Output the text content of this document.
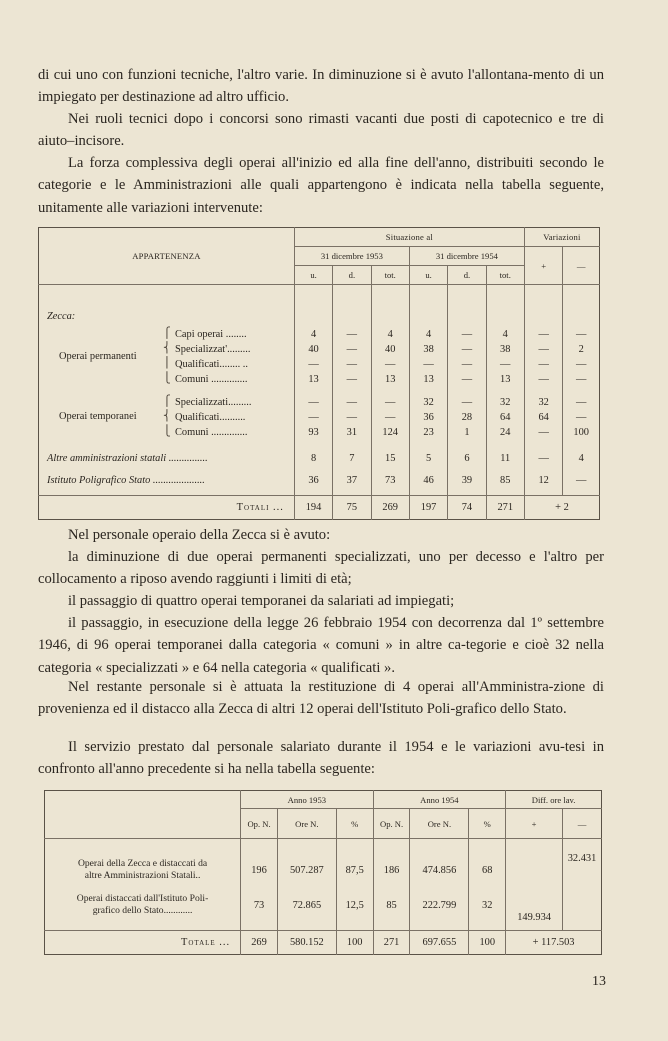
di cui uno con funzioni tecniche, l'altro varie. In diminuzione si è avuto l'allontana-mento di un impiegato per destinazione ad altro ufficio.

Nei ruoli tecnici dopo i concorsi sono rimasti vacanti due posti di capotecnico e tre di aiuto–incisore.

La forza complessiva degli operai all'inizio ed alla fine dell'anno, distribuiti secondo le categorie e le Amministrazioni alle quali appartengono è indicata nella tabella seguente, unitamente alle variazioni intervenute:

APPARTENENZA	Situazione al						Variazioni	
	31 dicembre 1953			31 dicembre 1954			+	—
	u.	d.	tot.	u.	d.	tot.		

Zecca:								

Operai permanenti
⎧ Capi operai ........	4	—	4	4	—	4	—	—

⎨ Specializzat'.........	40	—	40	38	—	38	—	2

⎪ Qualificati........ ..	—	—	—	—	—	—	—	—

⎩ Comuni ..............	13	—	13	13	—	13	—	—

Operai temporanei
⎧ Specializzati.........	—	—	—	32	—	32	32	—

⎨ Qualificati..........	—	—	—	36	28	64	64	—

⎩ Comuni ..............	93	31	124	23	1	24	—	100

Altre amministrazioni statali ...............	8	7	15	5	6	11	—	4
Istituto Poligrafico Stato ....................	36	37	73	46	39	85	12	—

Totali ...	194	75	269	197	74	271	+ 2	

Nel personale operaio della Zecca si è avuto:

la diminuzione di due operai permanenti specializzati, uno per decesso e l'altro per collocamento a riposo avendo raggiunti i limiti di età;

il passaggio di quattro operai temporanei da salariati ad impiegati;

il passaggio, in esecuzione della legge 26 febbraio 1954 con decorrenza dal 1º settembre 1946, di 96 operai temporanei dalla categoria « comuni » in altre ca-tegorie e cioè 32 nella categoria « specializzati » e 64 nella categoria « qualificati ».

Nel restante personale si è attuata la restituzione di 4 operai all'Amministra-zione di provenienza ed il distacco alla Zecca di altri 12 operai dell'Istituto Poli-grafico dello Stato.

Il servizio prestato dal personale salariato durante il 1954 e le variazioni avu-tesi in confronto all'anno precedente si ha nella tabella seguente:

	Anno 1953			Anno 1954			Diff. ore lav.	
	Op. N.	Ore N.	%	Op. N.	Ore N.	%	+	—

Operai della Zecca e distaccati da
altre Amministrazioni Statali..	196	507.287	87,5	186	474.856	68		32.431

Operai distaccati dall'Istituto Poli-
grafico dello Stato............	73	72.865	12,5	85	222.799	32	149.934	

Totale ...	269	580.152	100	271	697.655	100	+ 117.503	
13
